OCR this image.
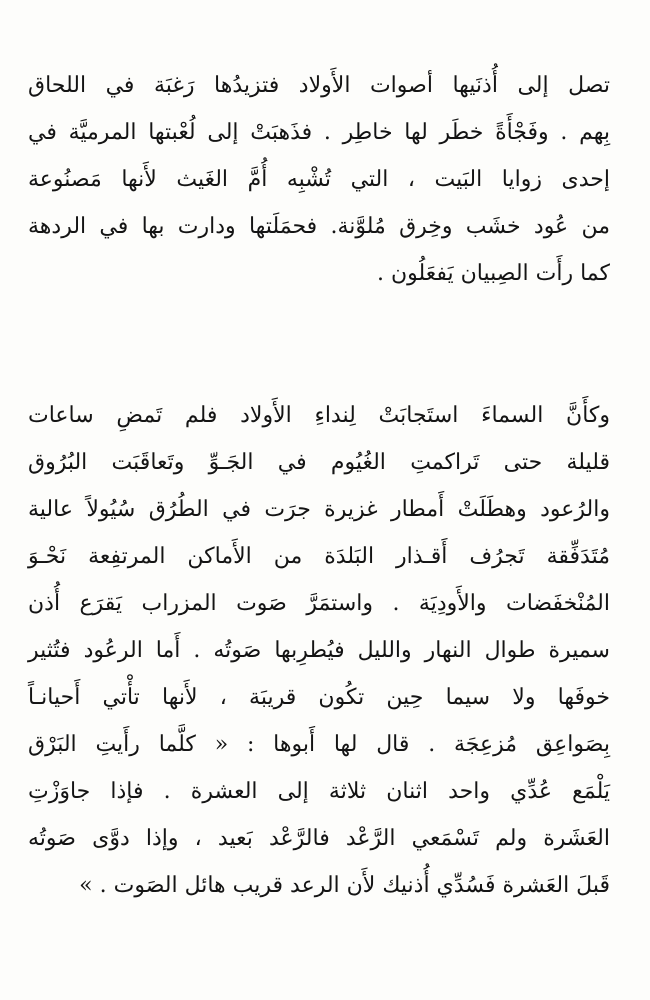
تصل إلى أُذنَيها أصوات الأَولاد فتزيدُها رَغبَة في اللحاق
بِهم . وفَجْأَةً خطَر لها خاطِر . فذَهبَتْ إلى لُعْبتها المرميَّة في
إحدى زوايا البَيت ، التي تُشْبِه أُمَّ الغَيث لأَنها مَصنُوعة
من عُود خشَب وخِرق مُلوَّنة. فحمَلَتها ودارت بها في الردهة
كما رأَت الصِبيان يَفعَلُون .
وكأَنَّ السماءَ استَجابَتْ لِنداءِ الأَولاد فلم تَمضِ ساعات
قليلة حتى تَراكمتِ الغُيُوم في الجَـوِّ وتَعاقَبَت البُرُوق
والرُعود وهطَلَتْ أَمطار غزيرة جرَت في الطُرُق سُيُولاً عالية
مُتَدَفِّقة تَجرُف أَقـذار البَلدَة من الأَماكن المرتفِعة نَحْـوَ
المُنْخفَضات والأَودِيَة . واستمَرَّ صَوت المزراب يَقرَع أُذن
سميرة طوال النهار والليل فيُطرِبها صَوتُه . أَما الرعُود فتُثير
خوفَها ولا سيما حِين تكُون قريبَة ، لأَنها تأْتي أَحيانـاً
بِصَواعِق مُزعِجَة . قال لها أَبوها : « كلَّما رأَيتِ البَرْق
يَلْمَع عُدِّي واحد اثنان ثلاثة إلى العشرة . فإذا جاوَزْتِ
العَشَرة ولم تَسْمَعي الرَّعْد فالرَّعْد بَعيد ، وإذا دوَّى صَوتُه
قَبلَ العَشرة فَسُدِّي أُذنيك لأَن الرعد قريب هائل الصَوت . »
